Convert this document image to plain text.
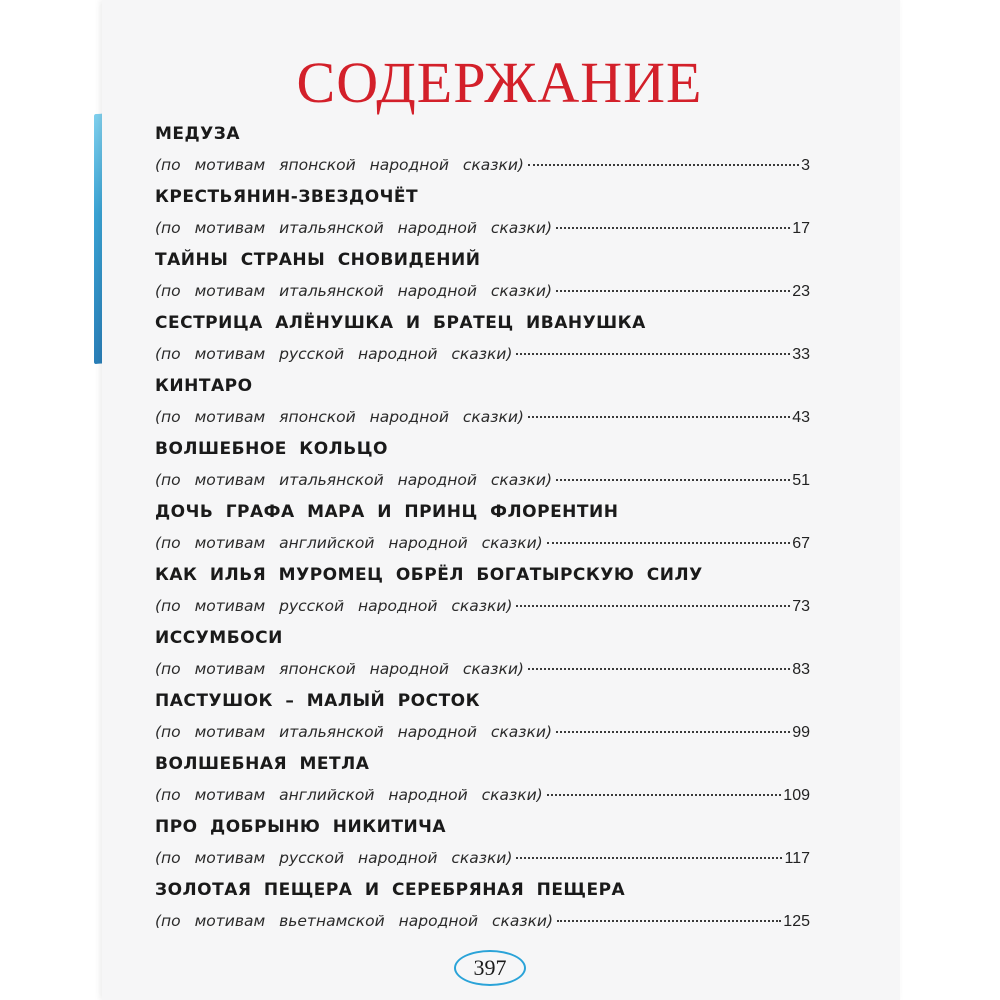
СОДЕРЖАНИЕ
МЕДУЗА
(по мотивам японской народной сказки)	3
КРЕСТЬЯНИН-ЗВЕЗДОЧЁТ
(по мотивам итальянской народной сказки)	17
ТАЙНЫ СТРАНЫ СНОВИДЕНИЙ
(по мотивам итальянской народной сказки)	23
СЕСТРИЦА АЛЁНУШКА И БРАТЕЦ ИВАНУШКА
(по мотивам русской народной сказки)	33
КИНТАРО
(по мотивам японской народной сказки)	43
ВОЛШЕБНОЕ КОЛЬЦО
(по мотивам итальянской народной сказки)	51
ДОЧЬ ГРАФА МАРА И ПРИНЦ ФЛОРЕНТИН
(по мотивам английской народной сказки)	67
КАК ИЛЬЯ МУРОМЕЦ ОБРЁЛ БОГАТЫРСКУЮ СИЛУ
(по мотивам русской народной сказки)	73
ИССУМБОСИ
(по мотивам японской народной сказки)	83
ПАСТУШОК – МАЛЫЙ РОСТОК
(по мотивам итальянской народной сказки)	99
ВОЛШЕБНАЯ МЕТЛА
(по мотивам английской народной сказки)	109
ПРО ДОБРЫНЮ НИКИТИЧА
(по мотивам русской народной сказки)	117
ЗОЛОТАЯ ПЕЩЕРА И СЕРЕБРЯНАЯ ПЕЩЕРА
(по мотивам вьетнамской народной сказки)	125
397
